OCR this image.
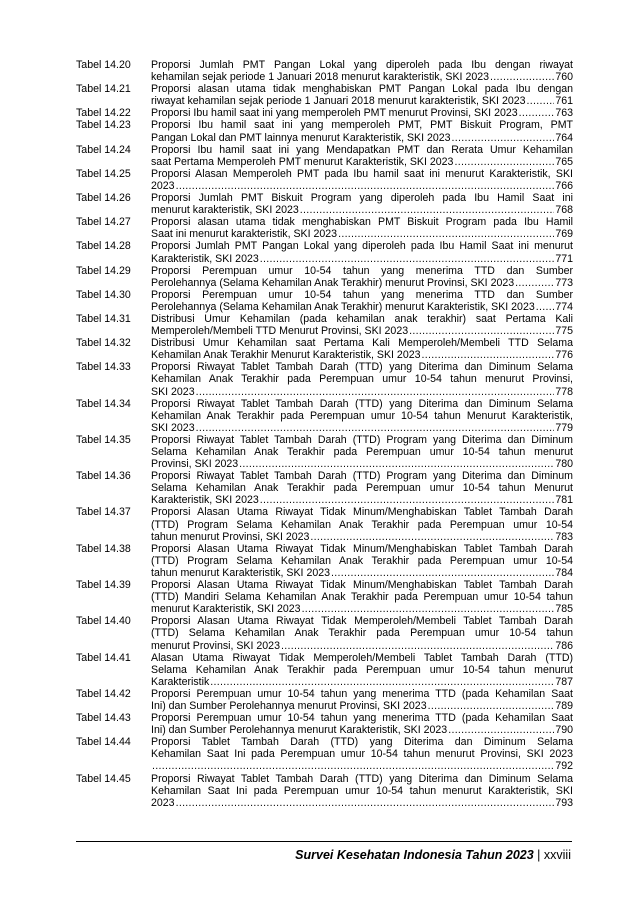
Tabel 14.20	Proporsi Jumlah PMT Pangan Lokal yang diperoleh pada Ibu dengan riwayat
kehamilan sejak periode 1 Januari 2018 menurut karakteristik, SKI 2023 .....	760
Tabel 14.21	Proporsi alasan utama tidak menghabiskan PMT Pangan Lokal pada Ibu dengan
riwayat kehamilan sejak periode 1 Januari 2018 menurut karakteristik, SKI 2023 .....	761
Tabel 14.22	Proporsi Ibu hamil saat ini yang memperoleh PMT menurut Provinsi, SKI 2023 .....	763
Tabel 14.23	Proporsi Ibu hamil saat ini yang memperoleh PMT, PMT Biskuit Program, PMT
Pangan Lokal dan PMT lainnya menurut Karakteristik, SKI 2023 .....	764
Tabel 14.24	Proporsi Ibu hamil saat ini yang Mendapatkan PMT dan Rerata Umur Kehamilan
saat Pertama Memperoleh PMT menurut Karakteristik, SKI 2023 .....	765
Tabel 14.25	Proporsi Alasan Memperoleh PMT pada Ibu hamil saat ini menurut Karakteristik, SKI
2023 .....	766
Tabel 14.26	Proporsi Jumlah PMT Biskuit Program yang diperoleh pada Ibu Hamil Saat ini
menurut karakteristik, SKI 2023 .....	768
Tabel 14.27	Proporsi alasan utama tidak menghabiskan PMT Biskuit Program pada Ibu Hamil
Saat ini menurut karakteristik, SKI 2023 .....	769
Tabel 14.28	Proporsi Jumlah PMT Pangan Lokal yang diperoleh pada Ibu Hamil Saat ini menurut
Karakteristik, SKI 2023 .....	771
Tabel 14.29	Proporsi Perempuan umur 10-54 tahun yang menerima TTD dan Sumber
Perolehannya (Selama Kehamilan Anak Terakhir) menurut Provinsi, SKI 2023 .....	773
Tabel 14.30	Proporsi Perempuan umur 10-54 tahun yang menerima TTD dan Sumber
Perolehannya (Selama Kehamilan Anak Terakhir) menurut Karakteristik, SKI 2023 ..... 774
Tabel 14.31	Distribusi Umur Kehamilan (pada kehamilan anak terakhir) saat Pertama Kali
Memperoleh/Membeli TTD Menurut Provinsi, SKI 2023 .....	775
Tabel 14.32	Distribusi Umur Kehamilan saat Pertama Kali Memperoleh/Membeli TTD Selama
Kehamilan Anak Terakhir Menurut Karakteristik, SKI 2023 .....	776
Tabel 14.33	Proporsi Riwayat Tablet Tambah Darah (TTD) yang Diterima dan Diminum Selama
Kehamilan Anak Terakhir pada Perempuan umur 10-54 tahun menurut Provinsi,
SKI 2023 .....	778
Tabel 14.34	Proporsi Riwayat Tablet Tambah Darah (TTD) yang Diterima dan Diminum Selama
Kehamilan Anak Terakhir pada Perempuan umur 10-54 tahun Menurut Karakteristik,
SKI 2023 .....	779
Tabel 14.35	Proporsi Riwayat Tablet Tambah Darah (TTD) Program yang Diterima dan Diminum
Selama Kehamilan Anak Terakhir pada Perempuan umur 10-54 tahun menurut
Provinsi, SKI 2023 .....	780
Tabel 14.36	Proporsi Riwayat Tablet Tambah Darah (TTD) Program yang Diterima dan Diminum
Selama Kehamilan Anak Terakhir pada Perempuan umur 10-54 tahun Menurut
Karakteristik, SKI 2023 .....	781
Tabel 14.37	Proporsi Alasan Utama Riwayat Tidak Minum/Menghabiskan Tablet Tambah Darah
(TTD) Program Selama Kehamilan Anak Terakhir pada Perempuan umur 10-54
tahun menurut Provinsi, SKI 2023 .....	783
Tabel 14.38	Proporsi Alasan Utama Riwayat Tidak Minum/Menghabiskan Tablet Tambah Darah
(TTD) Program Selama Kehamilan Anak Terakhir pada Perempuan umur 10-54
tahun menurut Karakteristik, SKI 2023 .....	784
Tabel 14.39	Proporsi Alasan Utama Riwayat Tidak Minum/Menghabiskan Tablet Tambah Darah
(TTD) Mandiri Selama Kehamilan Anak Terakhir pada Perempuan umur 10-54 tahun
menurut Karakteristik, SKI 2023 .....	785
Tabel 14.40	Proporsi Alasan Utama Riwayat Tidak Memperoleh/Membeli Tablet Tambah Darah
(TTD) Selama Kehamilan Anak Terakhir pada Perempuan umur 10-54 tahun
menurut Provinsi, SKI 2023 .....	786
Tabel 14.41	Alasan Utama Riwayat Tidak Memperoleh/Membeli Tablet Tambah Darah (TTD)
Selama Kehamilan Anak Terakhir pada Perempuan umur 10-54 tahun menurut
Karakteristik .....	787
Tabel 14.42	Proporsi Perempuan umur 10-54 tahun yang menerima TTD (pada Kehamilan Saat
Ini) dan Sumber Perolehannya menurut Provinsi, SKI 2023 .....	789
Tabel 14.43	Proporsi Perempuan umur 10-54 tahun yang menerima TTD (pada Kehamilan Saat
Ini) dan Sumber Perolehannya menurut Karakteristik, SKI 2023 .....	790
Tabel 14.44	Proporsi Tablet Tambah Darah (TTD) yang Diterima dan Diminum Selama
Kehamilan Saat Ini pada Perempuan umur 10-54 tahun menurut Provinsi, SKI 2023
.....
792
Tabel 14.45	Proporsi Riwayat Tablet Tambah Darah (TTD) yang Diterima dan Diminum Selama
Kehamilan Saat Ini pada Perempuan umur 10-54 tahun menurut Karakteristik, SKI
2023 .....	793
Survei Kesehatan Indonesia Tahun 2023 | xxviii
